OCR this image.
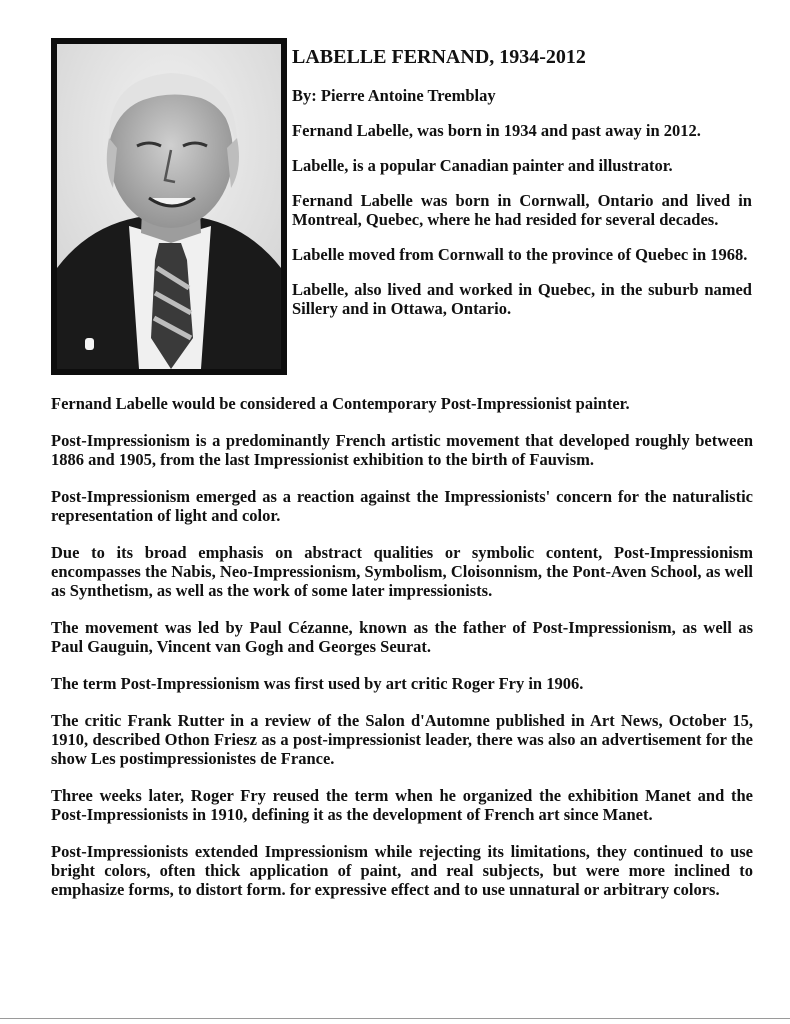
LABELLE FERNAND, 1934-2012

By: Pierre Antoine Tremblay

Fernand Labelle, was born in 1934 and past away in 2012.

Labelle, is a popular Canadian painter and illustrator.

Fernand Labelle was born in Cornwall, Ontario and lived in Montreal, Quebec, where he had resided for several decades.

Labelle moved from Cornwall to the province of Quebec in 1968.

Labelle, also lived and worked in Quebec, in the suburb named Sillery and in Ottawa, Ontario.

Fernand Labelle would be considered a Contemporary Post-Impressionist painter.

Post-Impressionism is a predominantly French artistic movement that developed roughly between 1886 and 1905, from the last Impressionist exhibition to the birth of Fauvism.

Post-Impressionism emerged as a reaction against the Impressionists' concern for the naturalistic representation of light and color.

Due to its broad emphasis on abstract qualities or symbolic content, Post-Impressionism encompasses the Nabis, Neo-Impressionism, Symbolism, Cloisonnism, the Pont-Aven School, as well as Synthetism, as well as the work of some later impressionists.

The movement was led by Paul Cézanne, known as the father of Post-Impressionism, as well as Paul Gauguin, Vincent van Gogh and Georges Seurat.

The term Post-Impressionism was first used by art critic Roger Fry in 1906.

The critic Frank Rutter in a review of the Salon d'Automne published in Art News, October 15, 1910, described Othon Friesz as a post-impressionist leader, there was also an advertisement for the show Les postimpressionistes de France.

Three weeks later, Roger Fry reused the term when he organized the exhibition Manet and the Post-Impressionists in 1910, defining it as the development of French art since Manet.

Post-Impressionists extended Impressionism while rejecting its limitations, they continued to use bright colors, often thick application of paint, and real subjects, but were more inclined to emphasize forms, to distort form. for expressive effect and to use unnatural or arbitrary colors.
